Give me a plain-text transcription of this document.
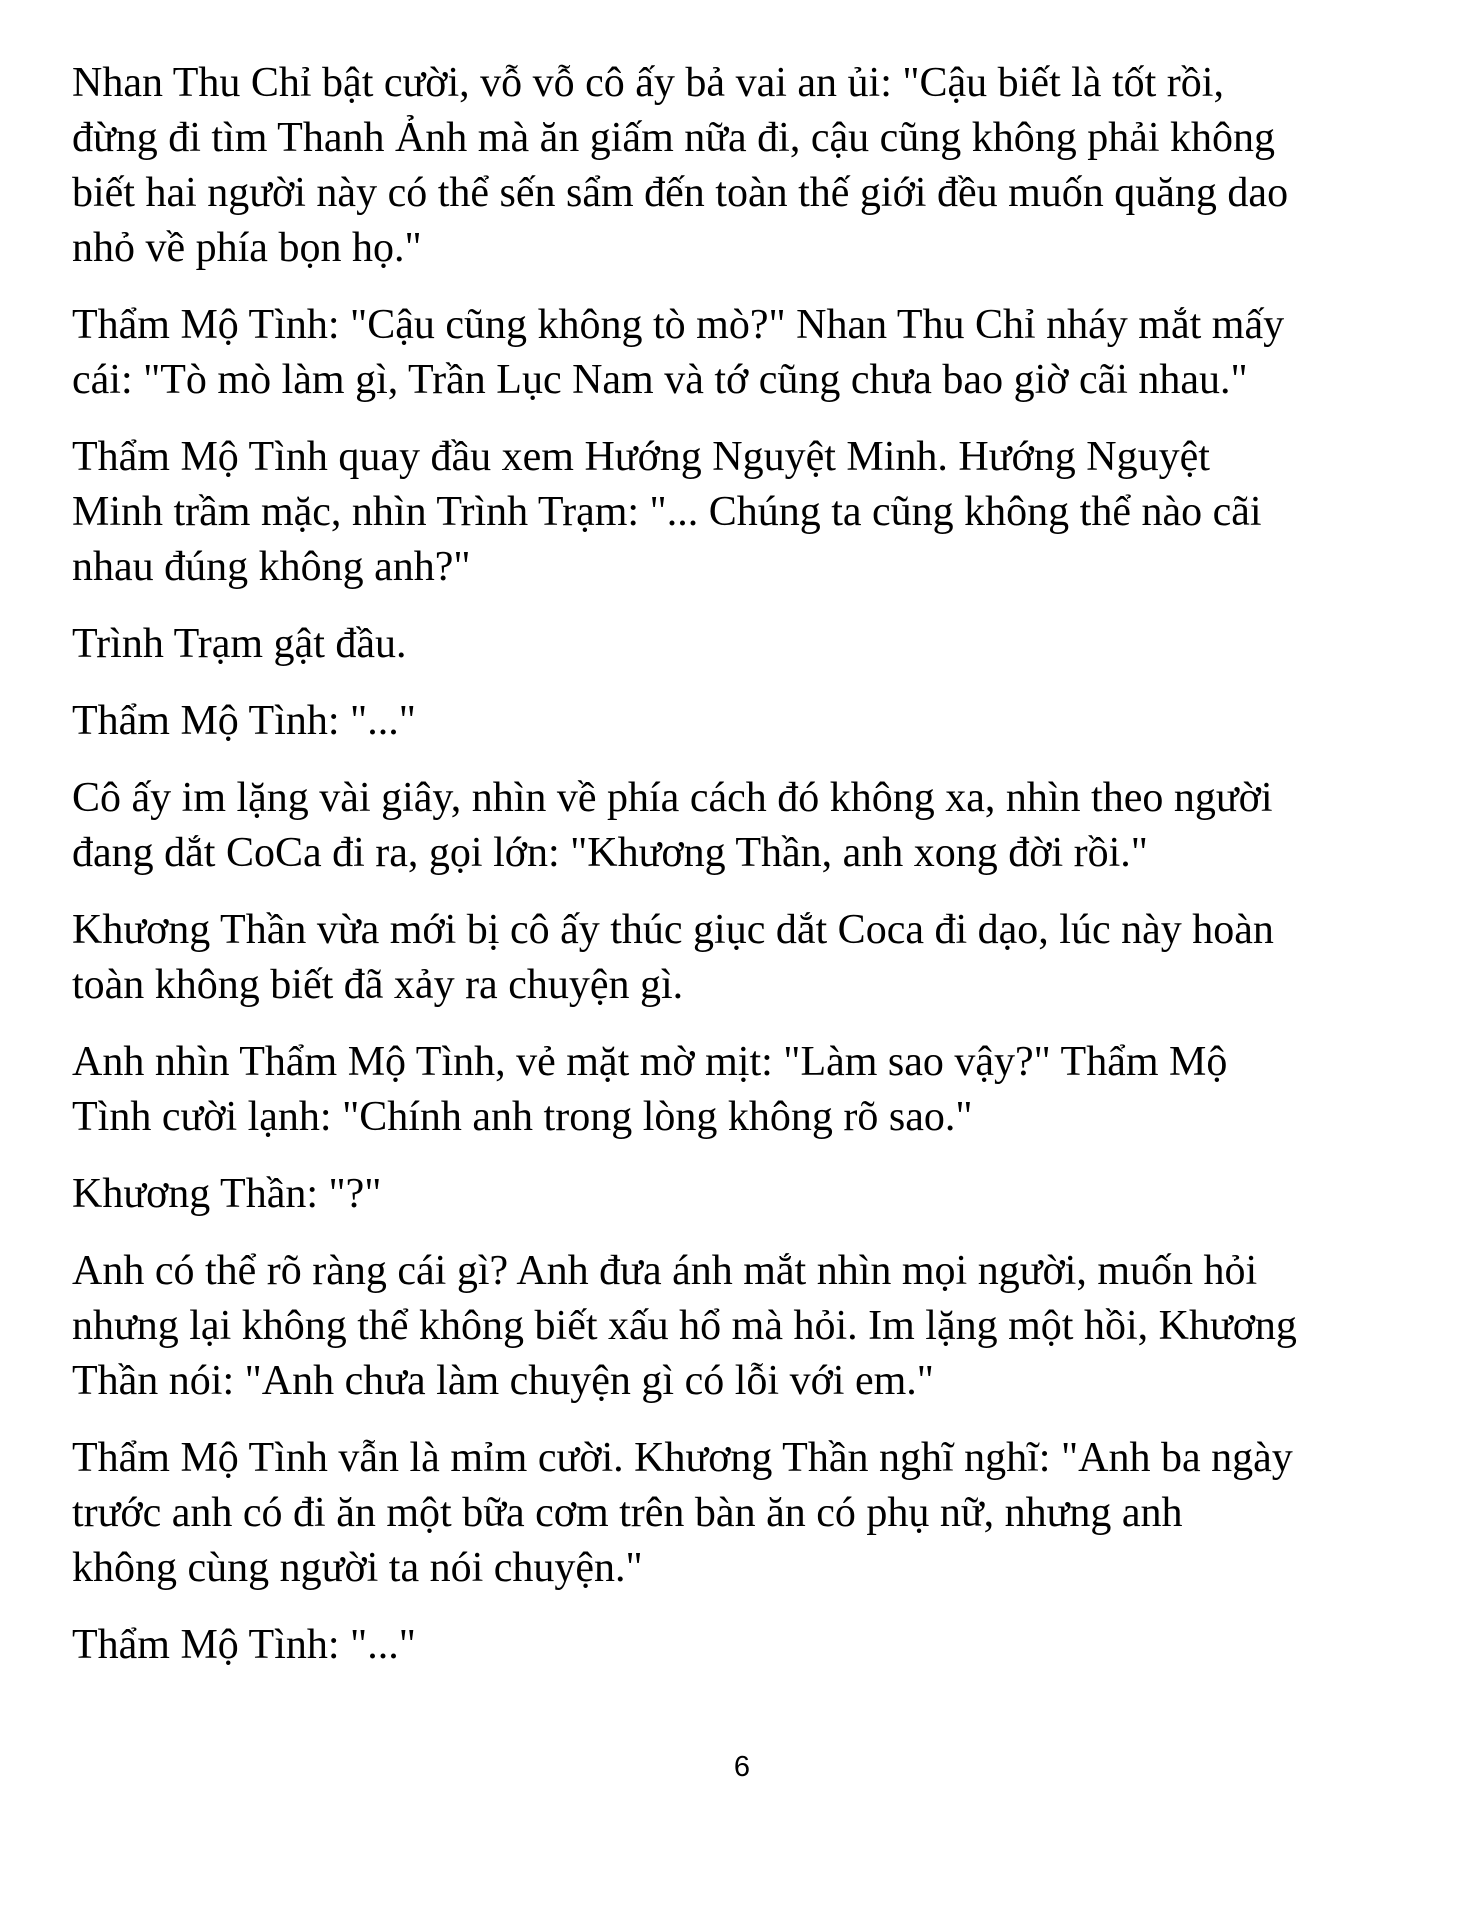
Nhan Thu Chỉ bật cười, vỗ vỗ cô ấy bả vai an ủi: "Cậu biết là tốt rồi,
đừng đi tìm Thanh Ảnh mà ăn giấm nữa đi, cậu cũng không phải không
biết hai người này có thể sến sẩm đến toàn thế giới đều muốn quăng dao
nhỏ về phía bọn họ."

Thẩm Mộ Tình: "Cậu cũng không tò mò?" Nhan Thu Chỉ nháy mắt mấy
cái: "Tò mò làm gì, Trần Lục Nam và tớ cũng chưa bao giờ cãi nhau."

Thẩm Mộ Tình quay đầu xem Hướng Nguyệt Minh. Hướng Nguyệt
Minh trầm mặc, nhìn Trình Trạm: "... Chúng ta cũng không thể nào cãi
nhau đúng không anh?"

Trình Trạm gật đầu.

Thẩm Mộ Tình: "..."

Cô ấy im lặng vài giây, nhìn về phía cách đó không xa, nhìn theo người
đang dắt CoCa đi ra, gọi lớn: "Khương Thần, anh xong đời rồi."

Khương Thần vừa mới bị cô ấy thúc giục dắt Coca đi dạo, lúc này hoàn
toàn không biết đã xảy ra chuyện gì.

Anh nhìn Thẩm Mộ Tình, vẻ mặt mờ mịt: "Làm sao vậy?" Thẩm Mộ
Tình cười lạnh: "Chính anh trong lòng không rõ sao."

Khương Thần: "?"

Anh có thể rõ ràng cái gì? Anh đưa ánh mắt nhìn mọi người, muốn hỏi
nhưng lại không thể không biết xấu hổ mà hỏi. Im lặng một hồi, Khương
Thần nói: "Anh chưa làm chuyện gì có lỗi với em."

Thẩm Mộ Tình vẫn là mỉm cười. Khương Thần nghĩ nghĩ: "Anh ba ngày
trước anh có đi ăn một bữa cơm trên bàn ăn có phụ nữ, nhưng anh
không cùng người ta nói chuyện."

Thẩm Mộ Tình: "..."

6
